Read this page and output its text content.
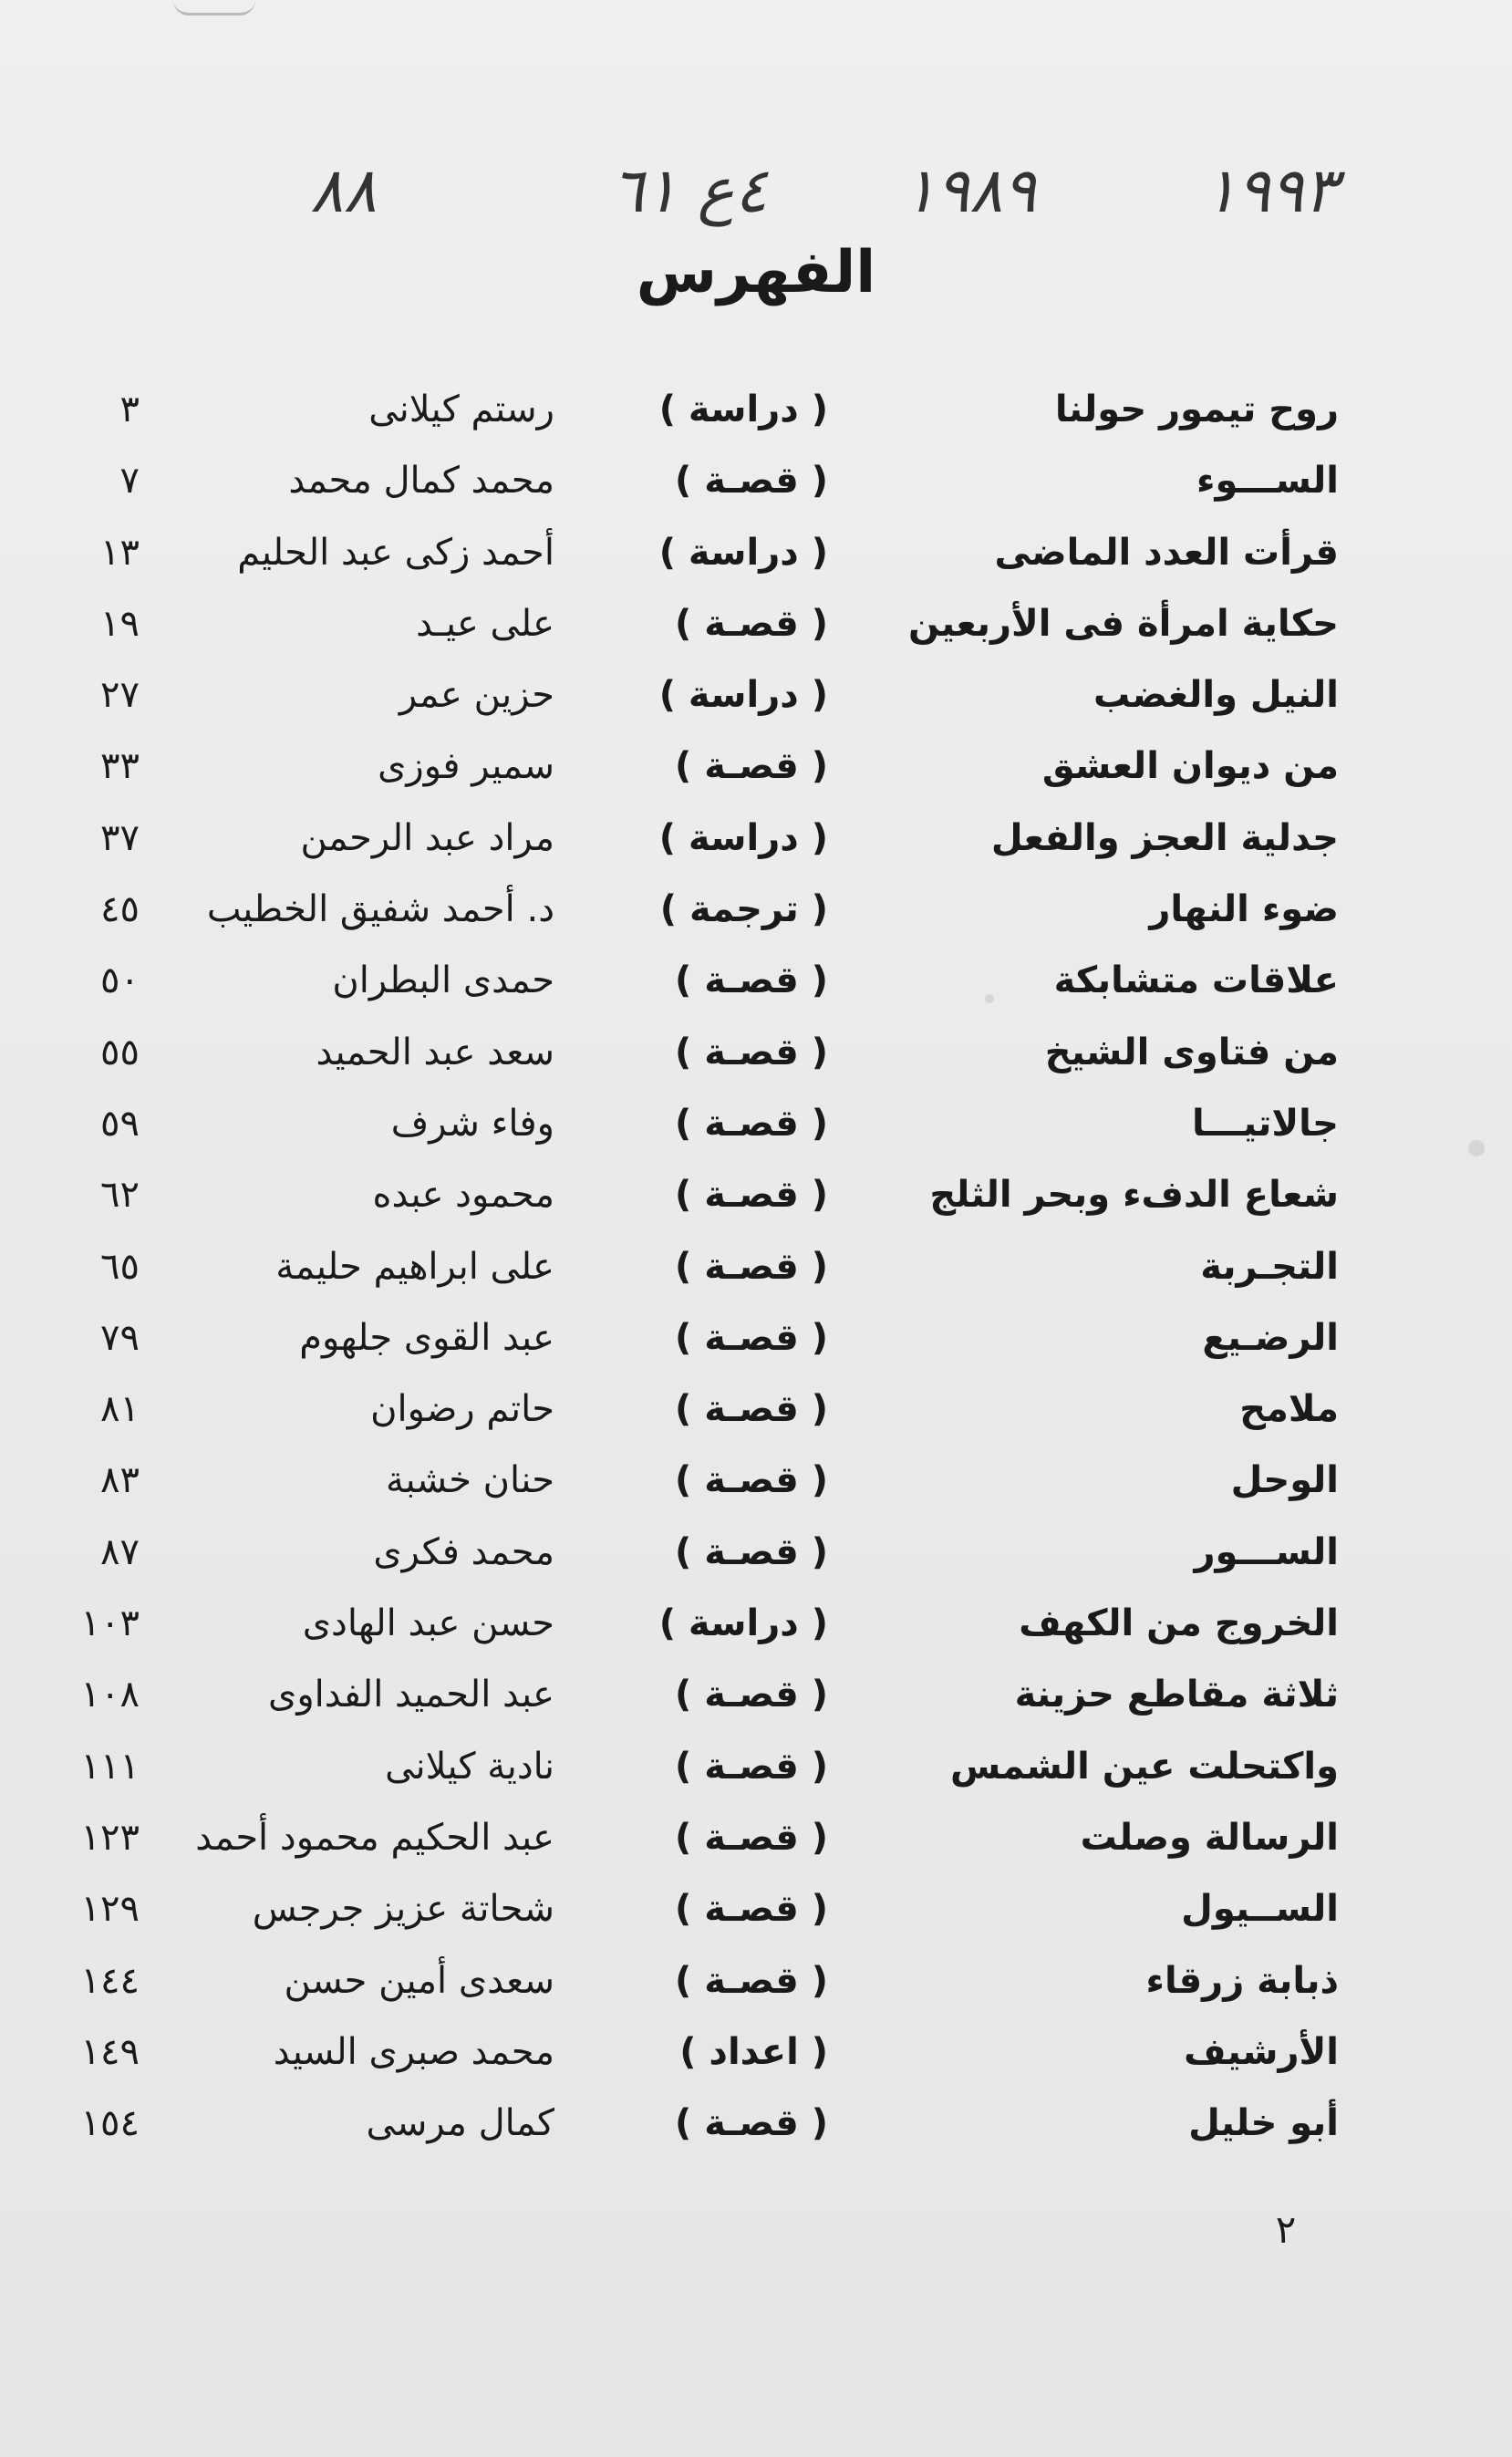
٨٨	٤ع ٦١ ١٩٨٩	١٩٩٣
الفهرس
روح تيمور حولنا
( دراسة )
رستم كيلانى
٣
الســـوء
( قصـة )
محمد كمال محمد
٧
قرأت العدد الماضى
( دراسة )
أحمد زكى عبد الحليم
١٣
حكاية امرأة فى الأربعين
( قصـة )
على عيـد
١٩
النيل والغضب
( دراسة )
حزين عمر
٢٧
من ديوان العشق
( قصـة )
سمير فوزى
٣٣
جدلية العجز والفعل
( دراسة )
مراد عبد الرحمن
٣٧
ضوء النهار
( ترجمة )
د. أحمد شفيق الخطيب
٤٥
علاقات متشابكة
( قصـة )
حمدى البطران
٥٠
من فتاوى الشيخ
( قصـة )
سعد عبد الحميد
٥٥
جالاتيـــا
( قصـة )
وفاء شرف
٥٩
شعاع الدفء وبحر الثلج
( قصـة )
محمود عبده
٦٢
التجـربة
( قصـة )
على ابراهيم حليمة
٦٥
الرضـيع
( قصـة )
عبد القوى جلهوم
٧٩
ملامح
( قصـة )
حاتم رضوان
٨١
الوحل
( قصـة )
حنان خشبة
٨٣
الســـور
( قصـة )
محمد فكرى
٨٧
الخروج من الكهف
( دراسة )
حسن عبد الهادى
١٠٣
ثلاثة مقاطع حزينة
( قصـة )
عبد الحميد الفداوى
١٠٨
واكتحلت عين الشمس
( قصـة )
نادية كيلانى
١١١
الرسالة وصلت
( قصـة )
عبد الحكيم محمود أحمد
١٢٣
الســيول
( قصـة )
شحاتة عزيز جرجس
١٢٩
ذبابة زرقاء
( قصـة )
سعدى أمين حسن
١٤٤
الأرشيف
( اعداد )
محمد صبرى السيد
١٤٩
أبو خليل
( قصـة )
كمال مرسى
١٥٤
٢
